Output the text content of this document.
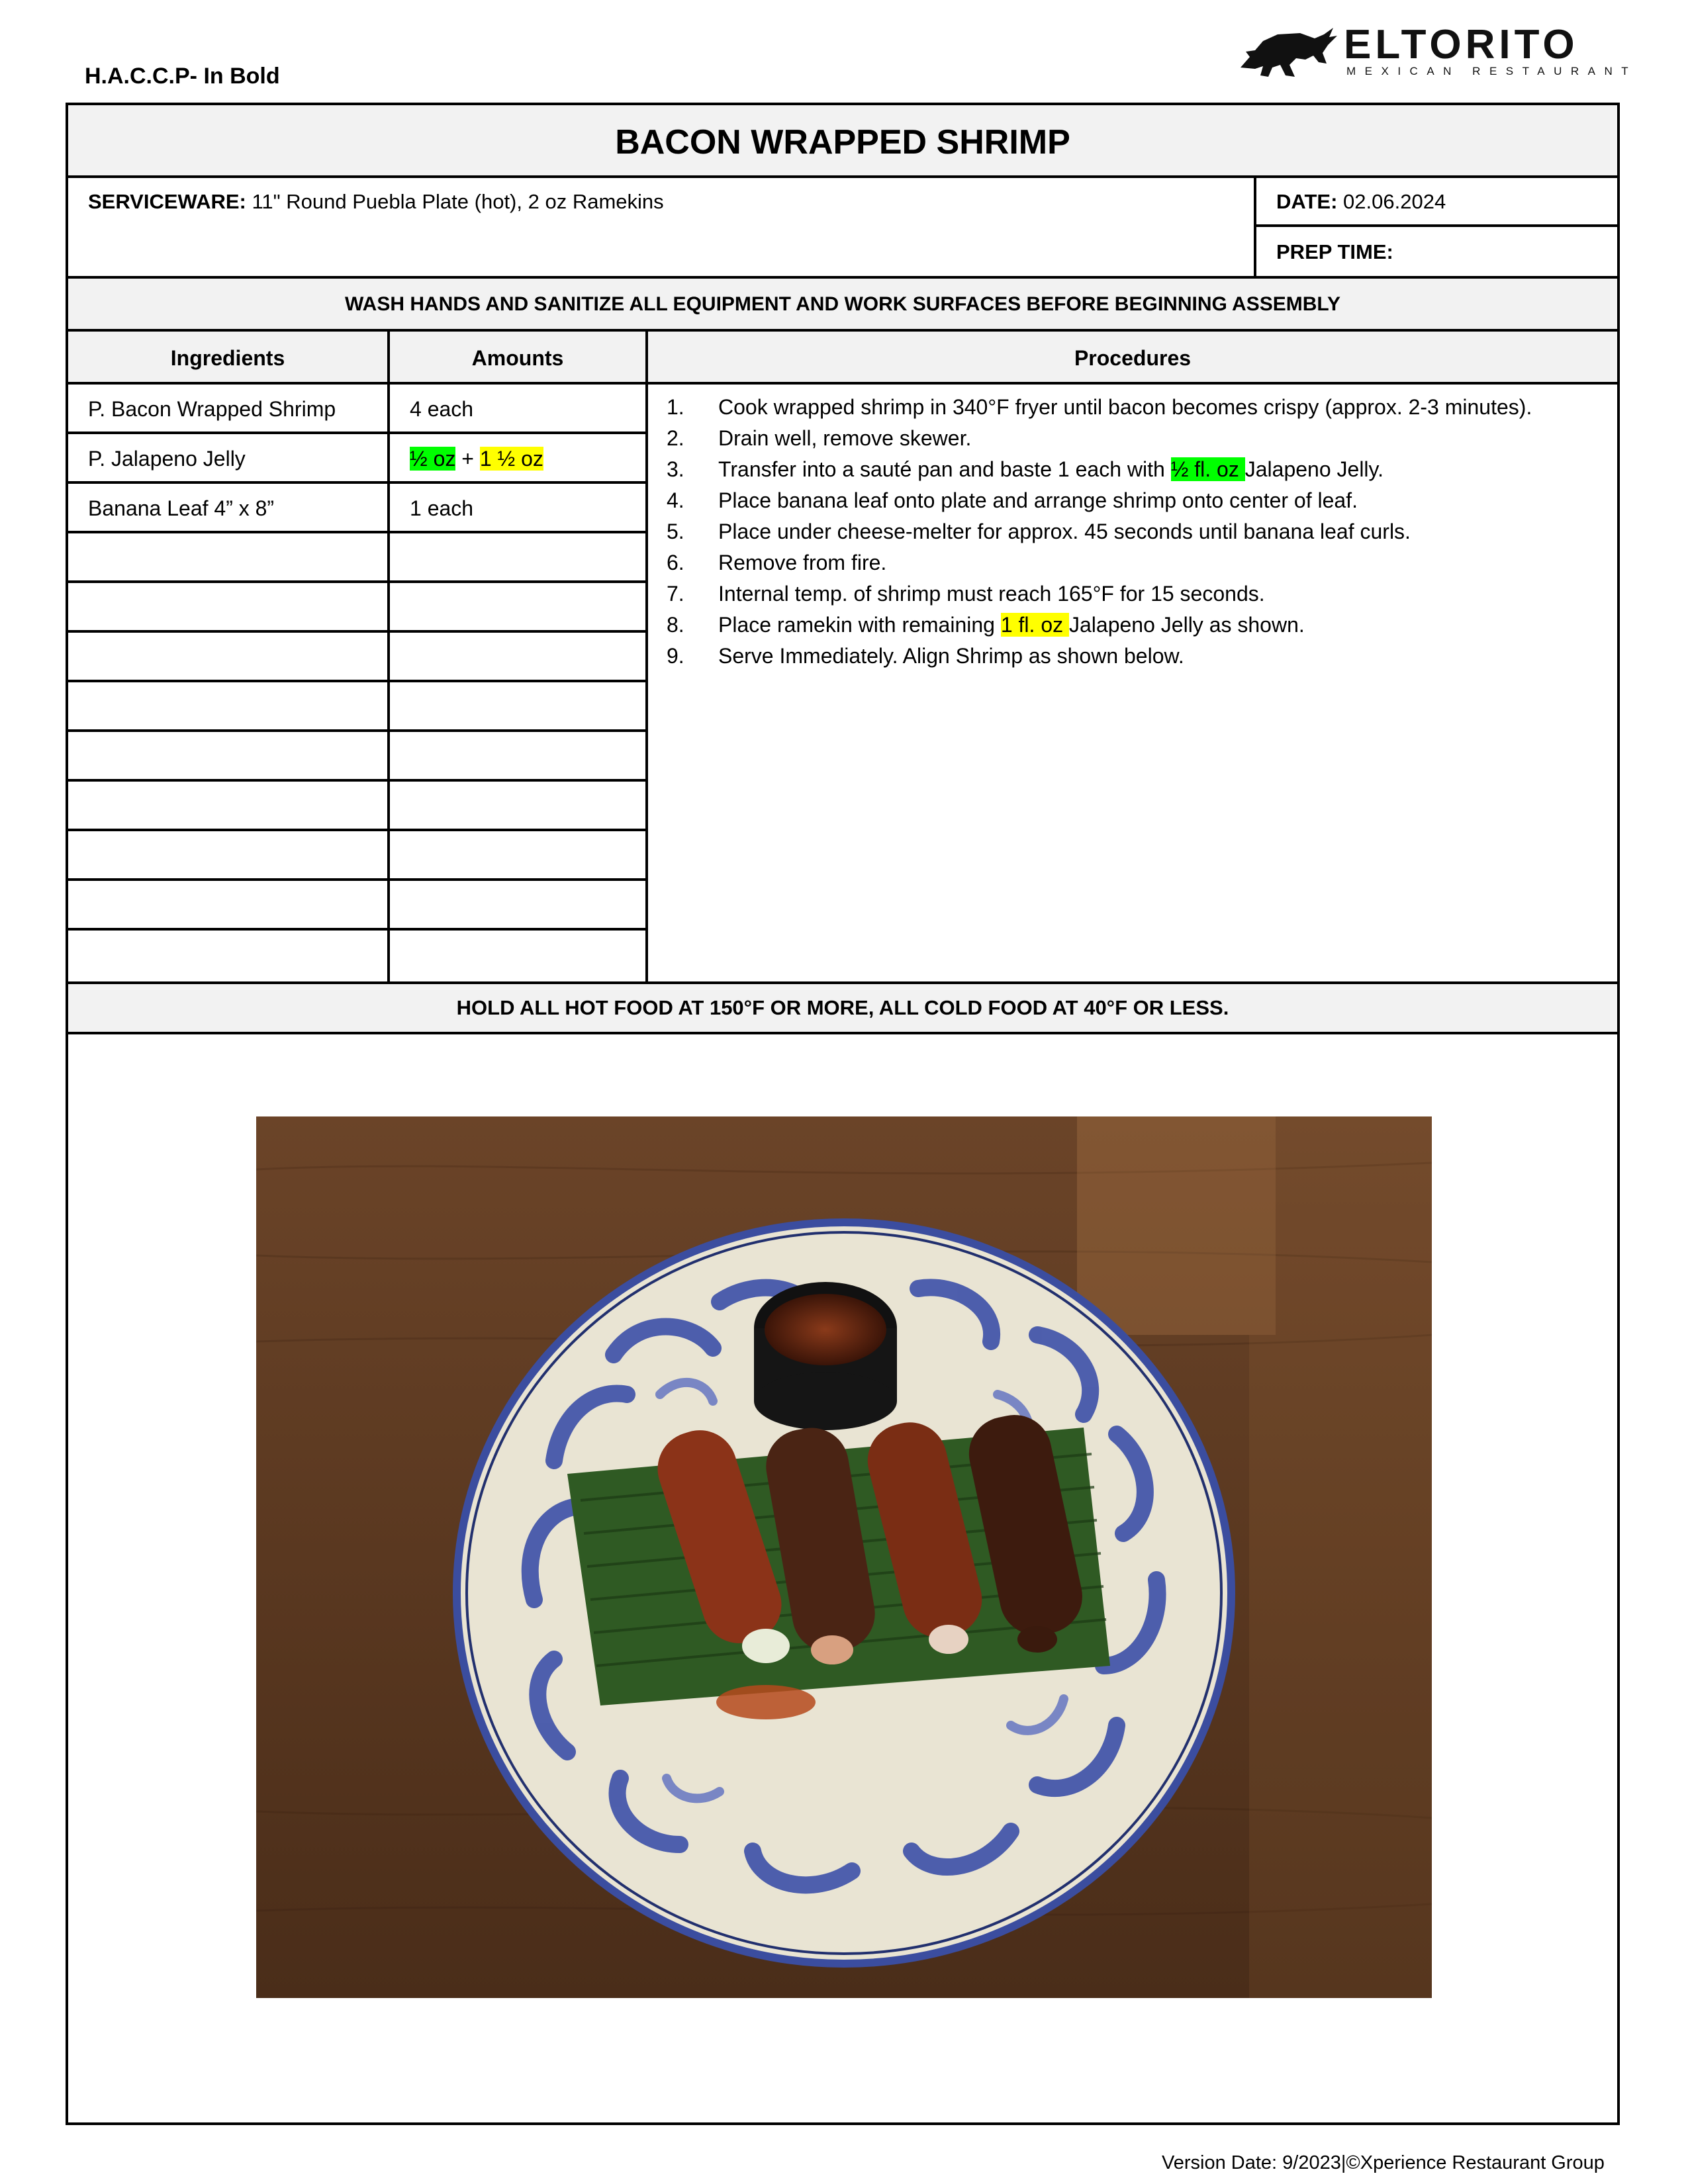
H.A.C.C.P- In Bold
ELTORITO
MEXICAN RESTAURANT
BACON WRAPPED SHRIMP
SERVICEWARE: 11" Round Puebla Plate (hot), 2 oz Ramekins	DATE: 02.06.2024
PREP TIME:
WASH HANDS AND SANITIZE ALL EQUIPMENT AND WORK SURFACES BEFORE BEGINNING ASSEMBLY
Ingredients
P. Bacon Wrapped Shrimp
P. Jalapeno Jelly
Banana Leaf 4” x 8”
Amounts
4 each
½ oz + 1 ½ oz
1 each
Procedures
1. Cook wrapped shrimp in 340°F fryer until bacon becomes crispy (approx. 2-3 minutes).
2. Drain well, remove skewer.
3. Transfer into a sauté pan and baste 1 each with ½ fl. oz Jalapeno Jelly.
4. Place banana leaf onto plate and arrange shrimp onto center of leaf.
5. Place under cheese-melter for approx. 45 seconds until banana leaf curls.
6. Remove from fire.
7. Internal temp. of shrimp must reach 165°F for 15 seconds.
8. Place ramekin with remaining 1 fl. oz Jalapeno Jelly as shown.
9. Serve Immediately. Align Shrimp as shown below.
HOLD ALL HOT FOOD AT 150°F OR MORE, ALL COLD FOOD AT 40°F OR LESS.
Version Date: 9/2023|©Xperience Restaurant Group
